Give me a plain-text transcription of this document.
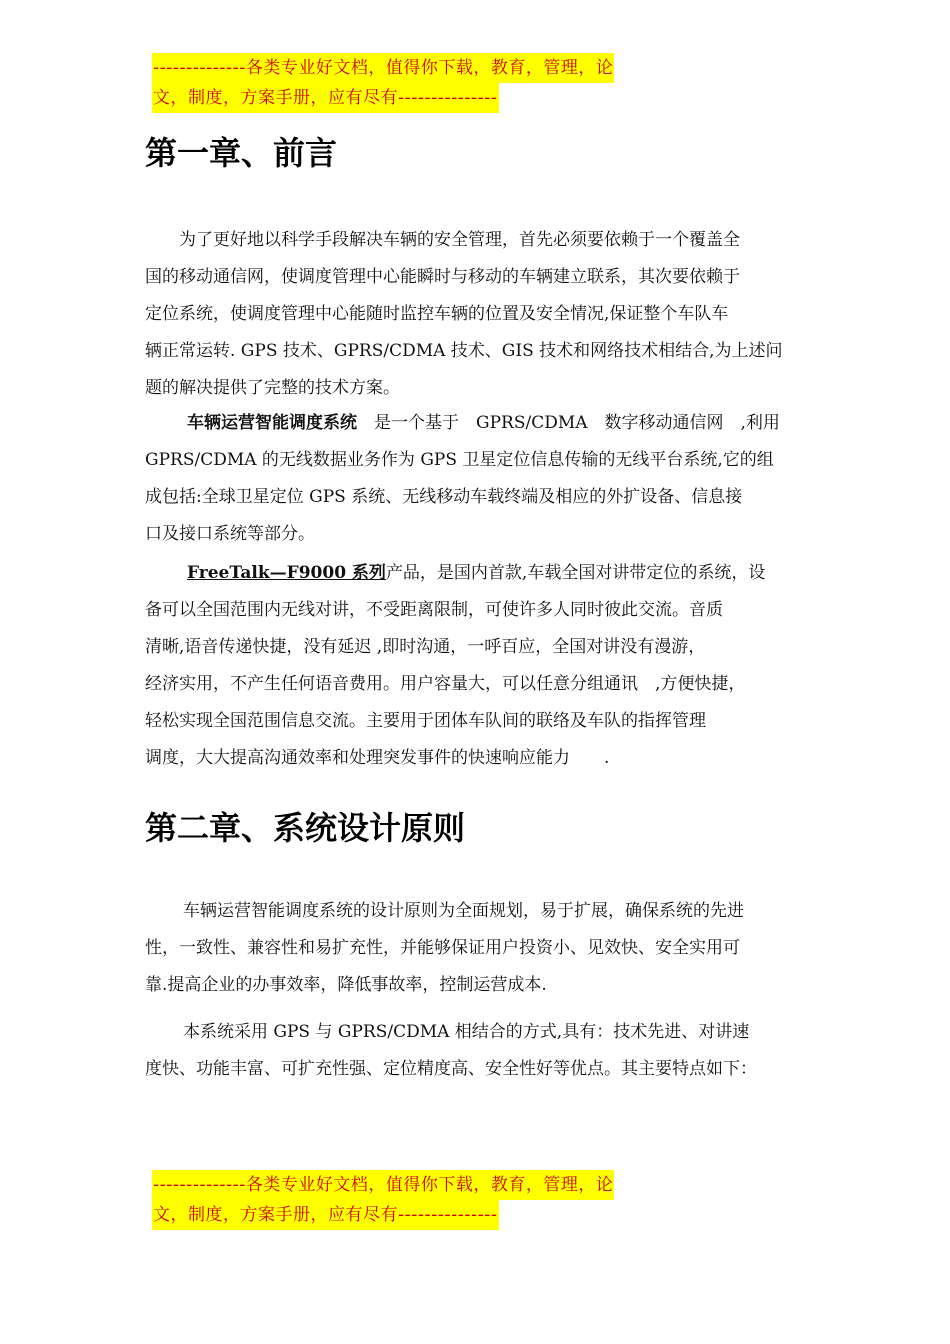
--------------各类专业好文档，值得你下载，教育，管理，论
文，制度，方案手册，应有尽有---------------
第一章、前言
为了更好地以科学手段解决车辆的安全管理，首先必须要依赖于一个覆盖全
国的移动通信网，使调度管理中心能瞬时与移动的车辆建立联系，其次要依赖于
定位系统，使调度管理中心能随时监控车辆的位置及安全情况,保证整个车队车
辆正常运转. GPS 技术、GPRS/CDMA 技术、GIS 技术和网络技术相结合,为上述问
题的解决提供了完整的技术方案。
车辆运营智能调度系统　是一个基于　GPRS/CDMA　数字移动通信网　,利用
GPRS/CDMA 的无线数据业务作为 GPS 卫星定位信息传输的无线平台系统,它的组
成包括:全球卫星定位 GPS 系统、无线移动车载终端及相应的外扩设备、信息接
口及接口系统等部分。
FreeTalk—F9000 系列产品，是国内首款,车载全国对讲带定位的系统，设
备可以全国范围内无线对讲，不受距离限制，可使许多人同时彼此交流。音质
清晰,语音传递快捷，没有延迟 ,即时沟通，一呼百应，全国对讲没有漫游，
经济实用，不产生任何语音费用。用户容量大，可以任意分组通讯　,方便快捷，
轻松实现全国范围信息交流。主要用于团体车队间的联络及车队的指挥管理
调度，大大提高沟通效率和处理突发事件的快速响应能力　　.
第二章、系统设计原则
车辆运营智能调度系统的设计原则为全面规划，易于扩展，确保系统的先进
性，一致性、兼容性和易扩充性，并能够保证用户投资小、见效快、安全实用可
靠.提高企业的办事效率，降低事故率，控制运营成本.
本系统采用 GPS 与 GPRS/CDMA 相结合的方式,具有：技术先进、对讲速
度快、功能丰富、可扩充性强、定位精度高、安全性好等优点。其主要特点如下：
--------------各类专业好文档，值得你下载，教育，管理，论
文，制度，方案手册，应有尽有---------------
